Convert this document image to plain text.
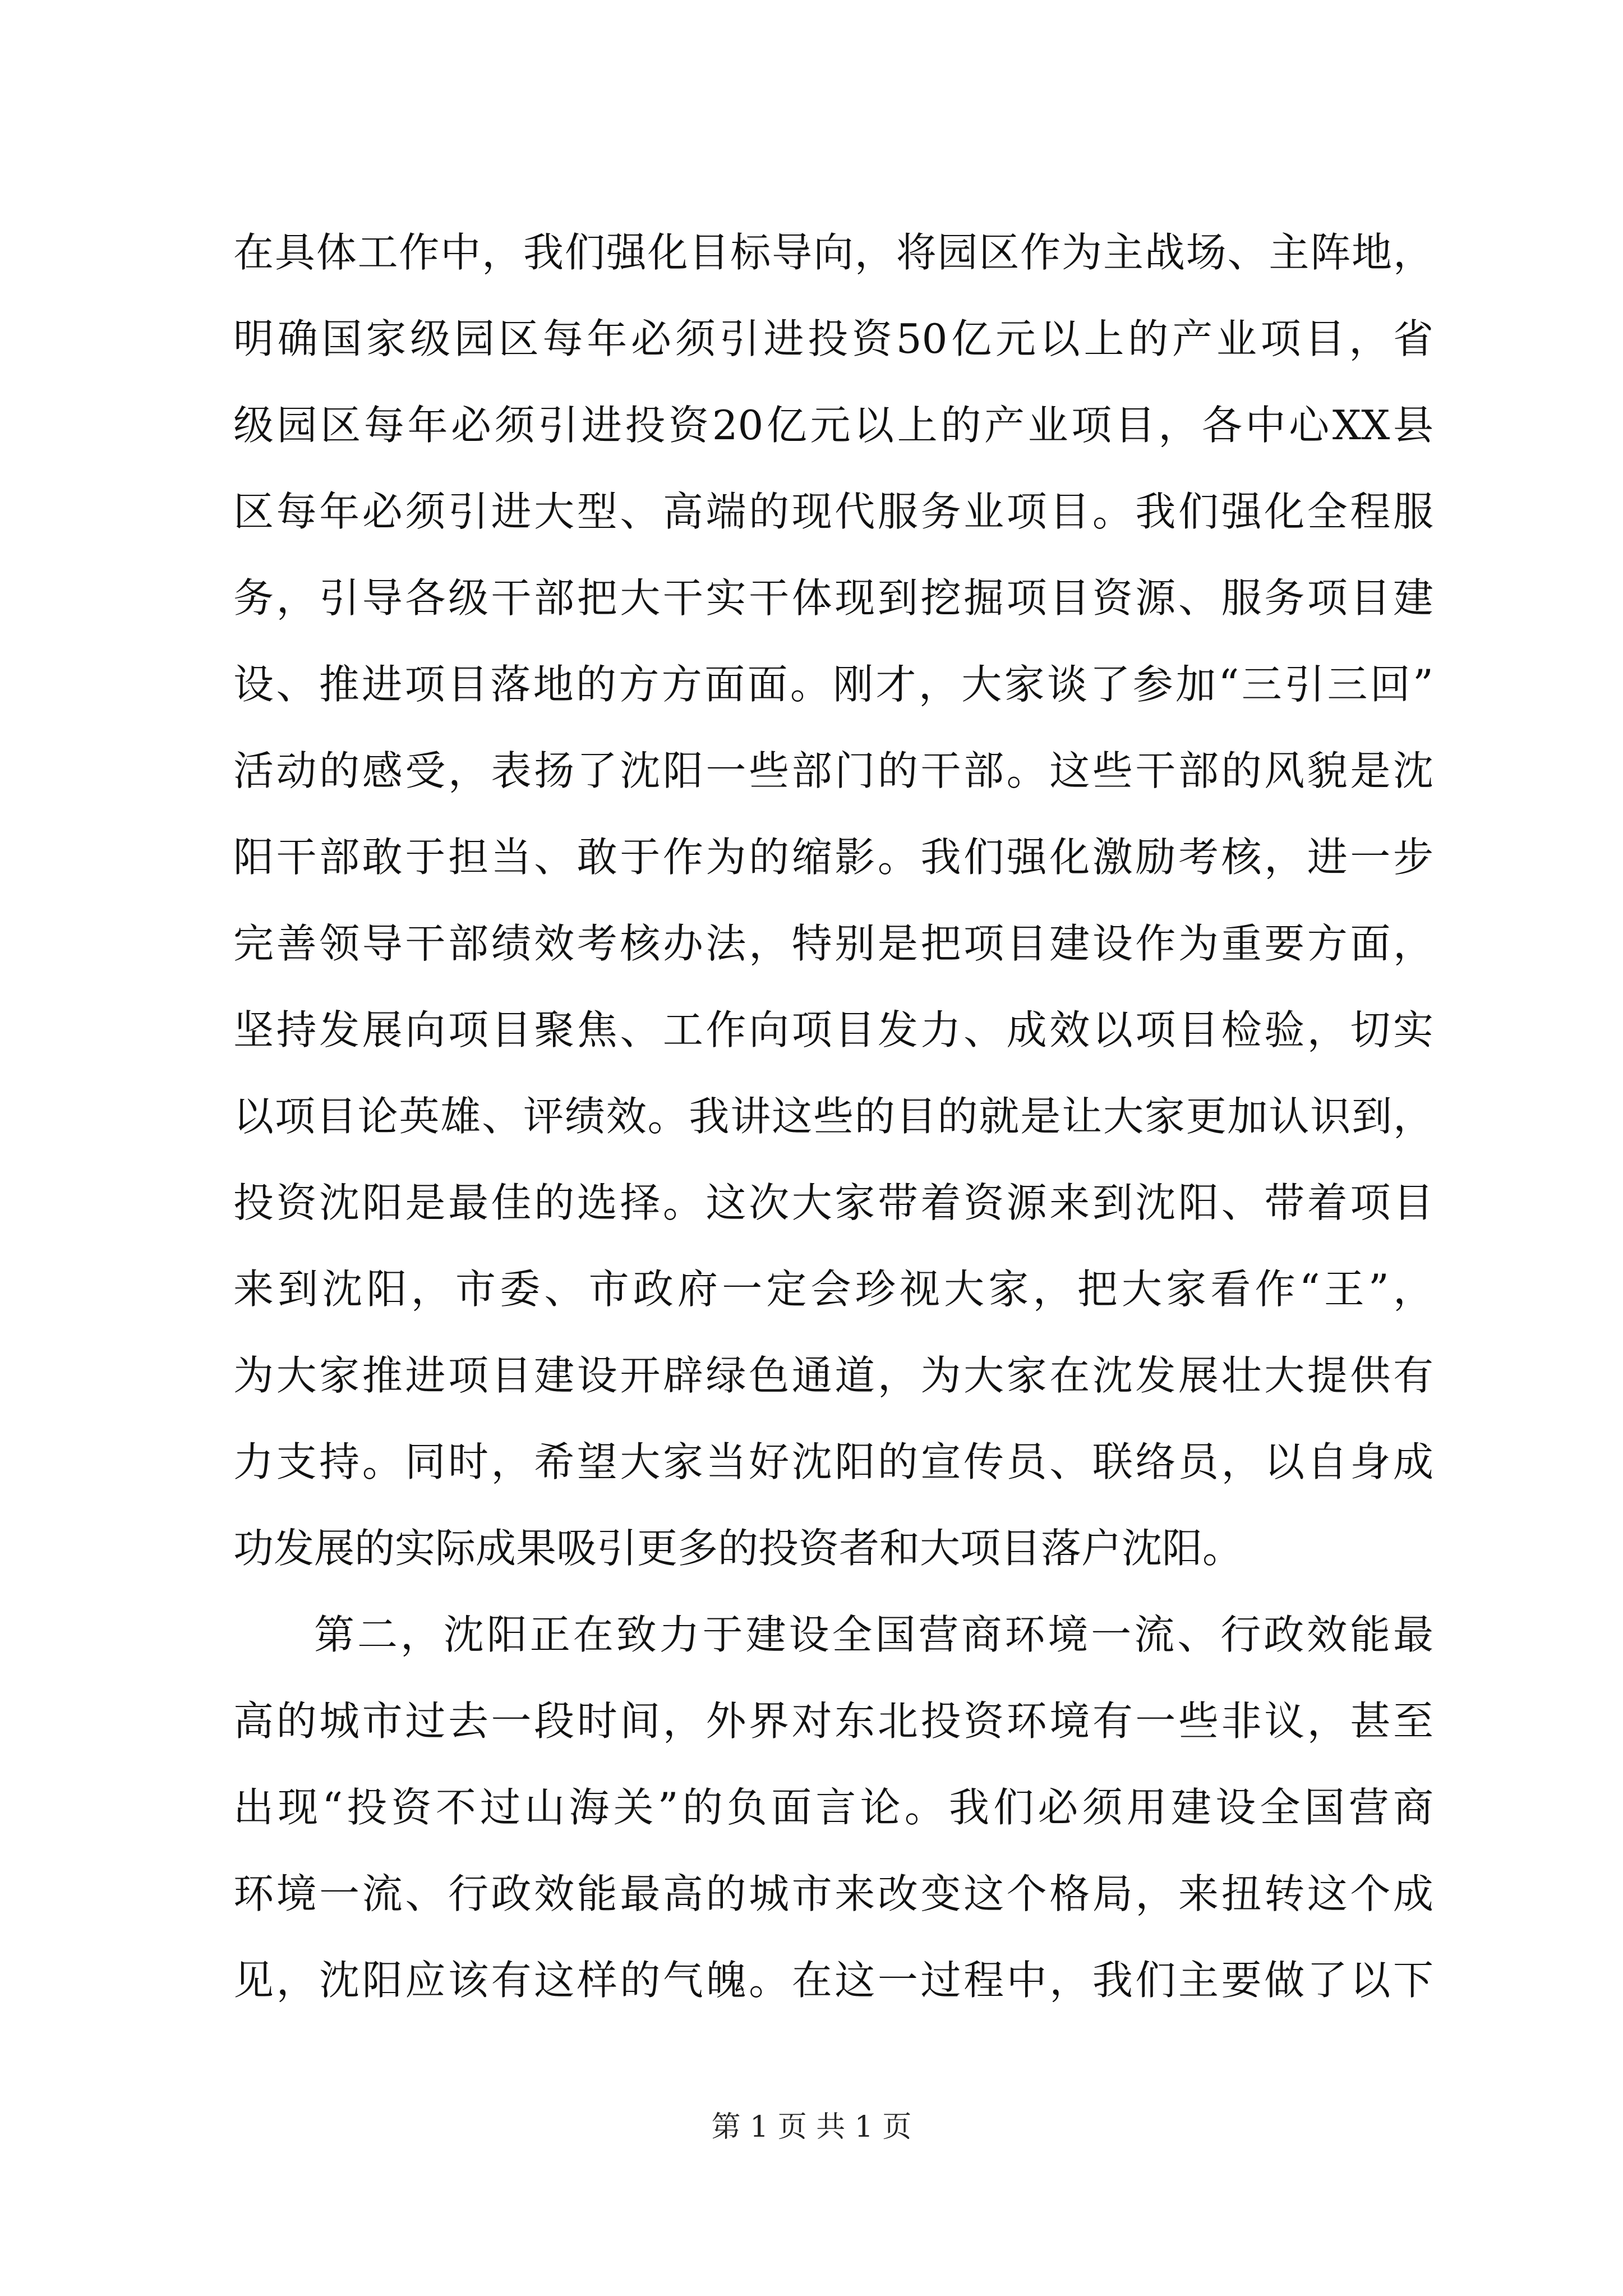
在具体工作中，我们强化目标导向，将园区作为主战场、主阵地，
明确国家级园区每年必须引进投资50亿元以上的产业项目，省
级园区每年必须引进投资20亿元以上的产业项目，各中心XX县
区每年必须引进大型、高端的现代服务业项目。我们强化全程服
务，引导各级干部把大干实干体现到挖掘项目资源、服务项目建
设、推进项目落地的方方面面。刚才，大家谈了参加“三引三回”
活动的感受，表扬了沈阳一些部门的干部。这些干部的风貌是沈
阳干部敢于担当、敢于作为的缩影。我们强化激励考核，进一步
完善领导干部绩效考核办法，特别是把项目建设作为重要方面，
坚持发展向项目聚焦、工作向项目发力、成效以项目检验，切实
以项目论英雄、评绩效。我讲这些的目的就是让大家更加认识到，
投资沈阳是最佳的选择。这次大家带着资源来到沈阳、带着项目
来到沈阳，市委、市政府一定会珍视大家，把大家看作“王”，
为大家推进项目建设开辟绿色通道，为大家在沈发展壮大提供有
力支持。同时，希望大家当好沈阳的宣传员、联络员，以自身成
功发展的实际成果吸引更多的投资者和大项目落户沈阳。
第二，沈阳正在致力于建设全国营商环境一流、行政效能最
高的城市过去一段时间，外界对东北投资环境有一些非议，甚至
出现“投资不过山海关”的负面言论。我们必须用建设全国营商
环境一流、行政效能最高的城市来改变这个格局，来扭转这个成
见，沈阳应该有这样的气魄。在这一过程中，我们主要做了以下
第 1 页 共 1 页
